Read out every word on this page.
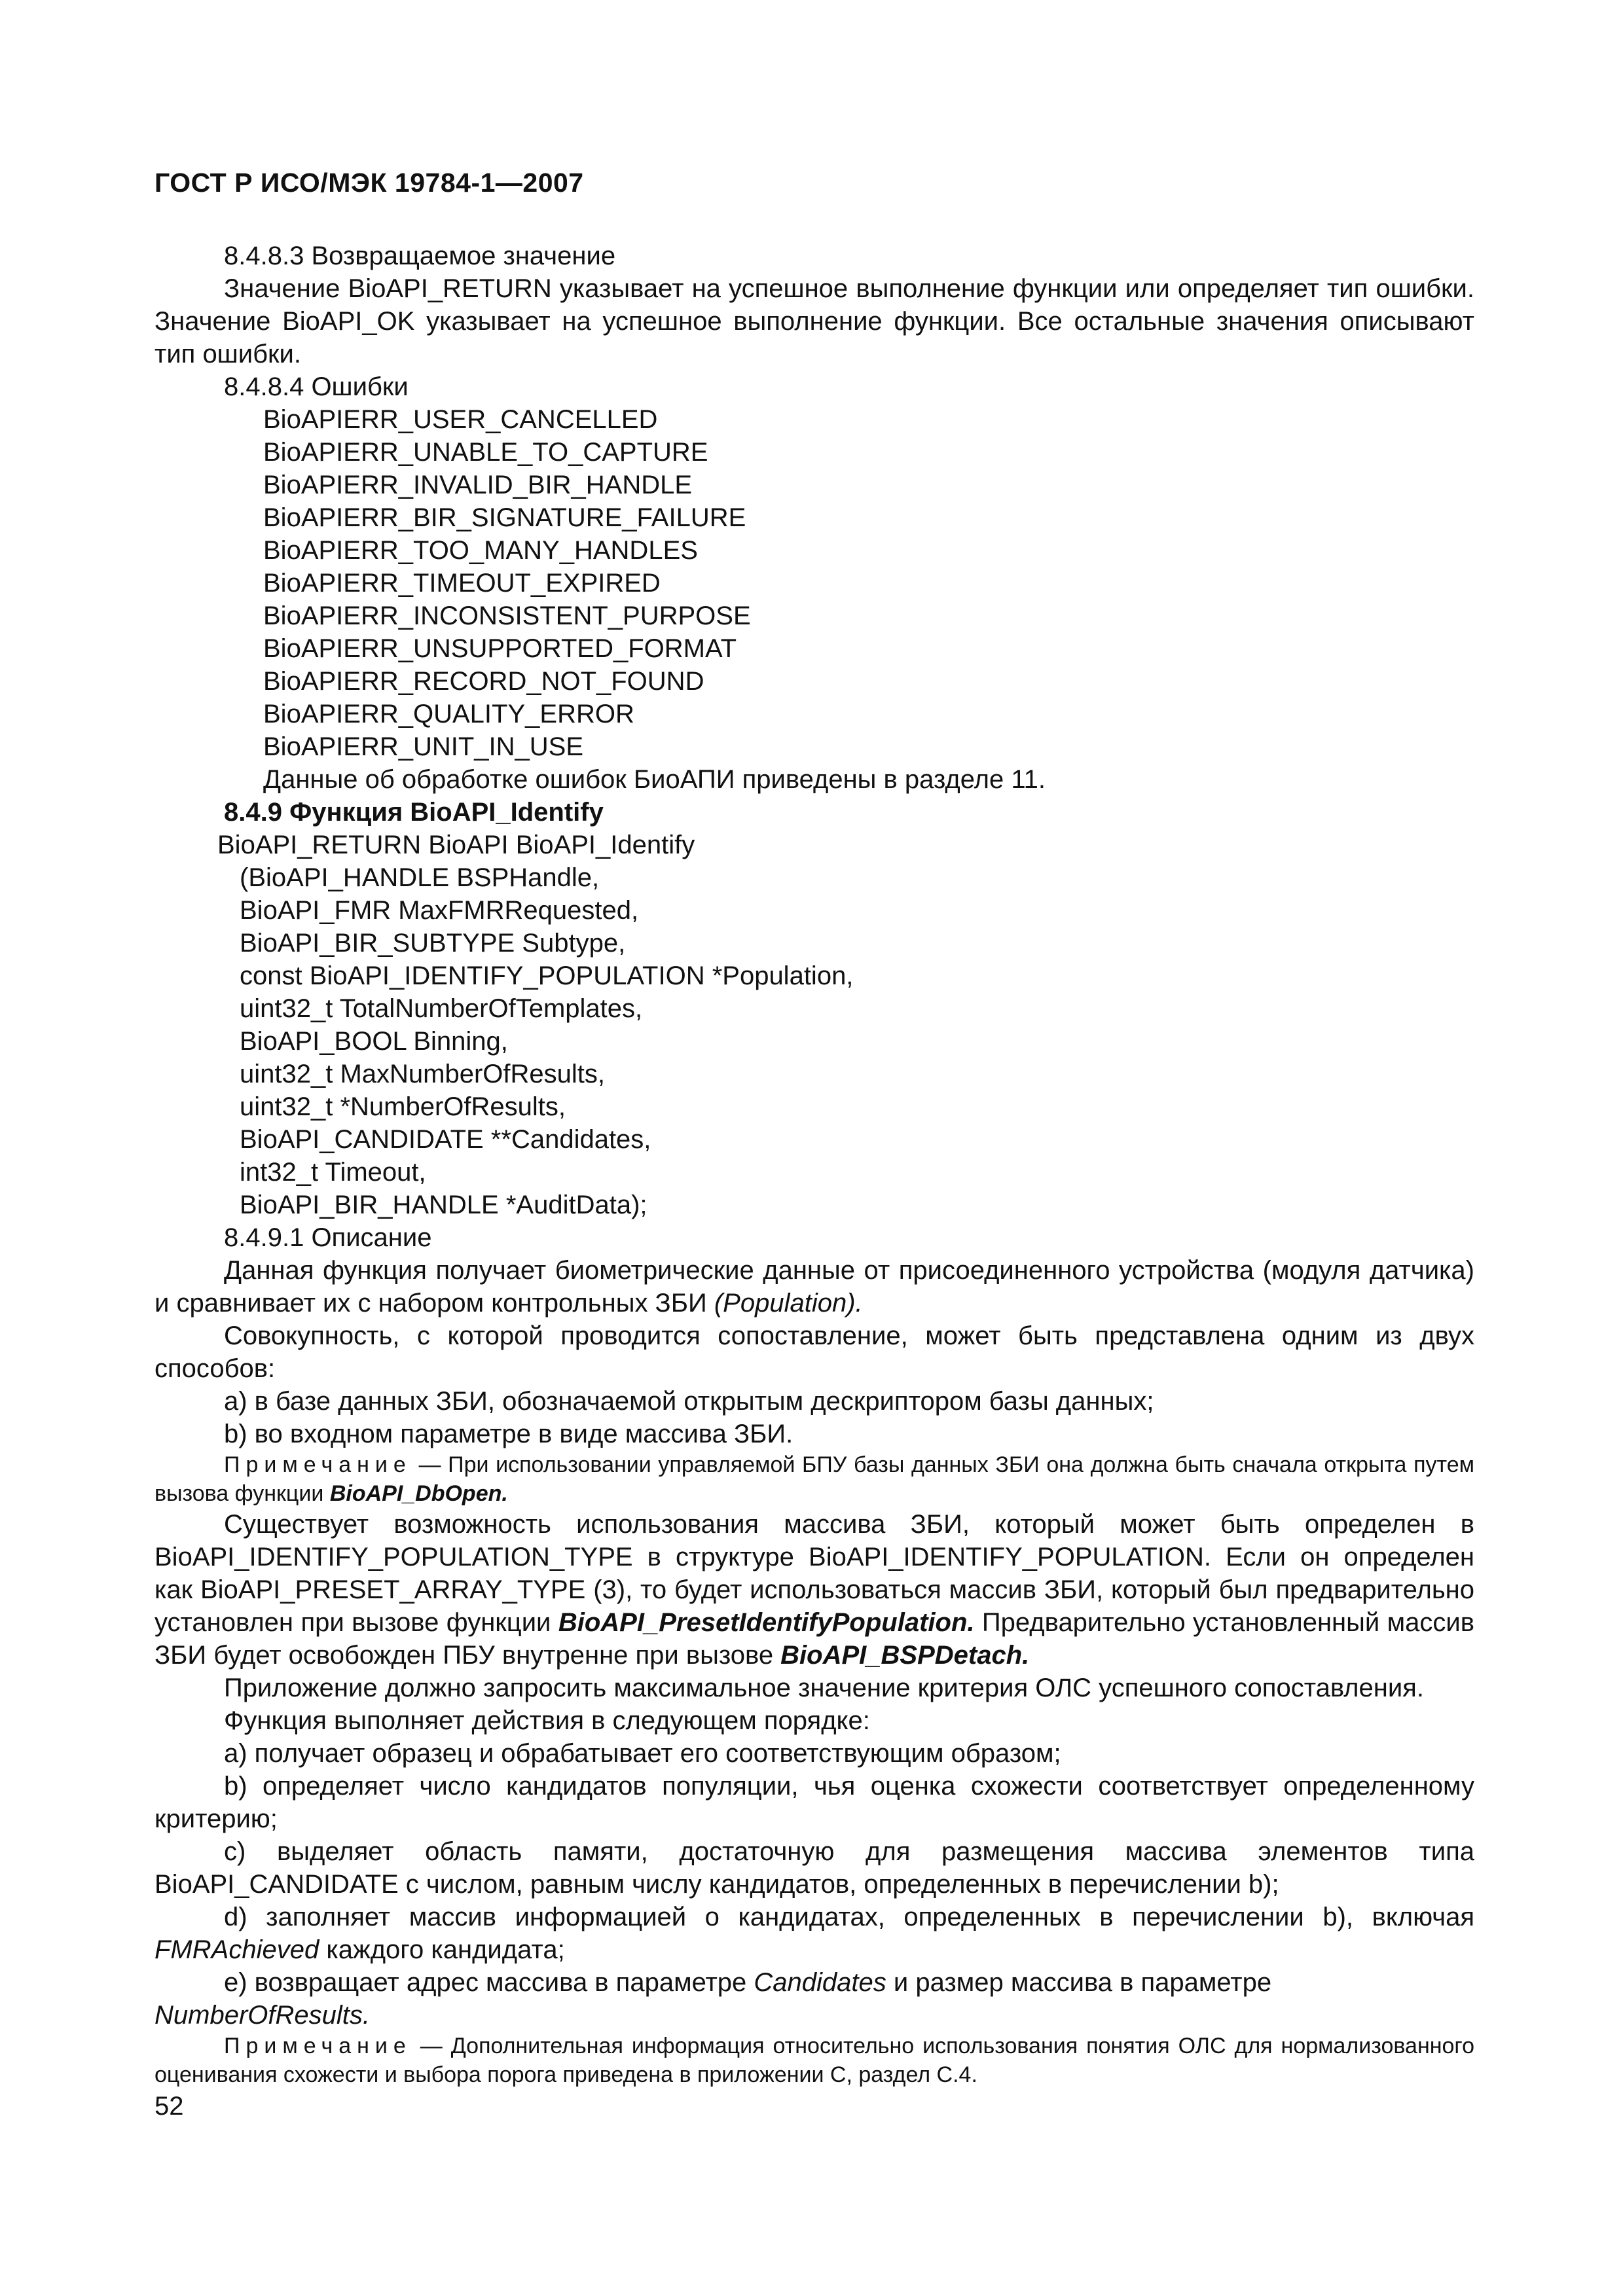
ГОСТ Р ИСО/МЭК 19784-1—2007

8.4.8.3 Возвращаемое значение

Значение BioAPI_RETURN указывает на успешное выполнение функции или определяет тип ошибки. Значение BioAPI_OK указывает на успешное выполнение функции. Все остальные значения описывают тип ошибки.

8.4.8.4 Ошибки

BioAPIERR_USER_CANCELLED

BioAPIERR_UNABLE_TO_CAPTURE

BioAPIERR_INVALID_BIR_HANDLE

BioAPIERR_BIR_SIGNATURE_FAILURE

BioAPIERR_TOO_MANY_HANDLES

BioAPIERR_TIMEOUT_EXPIRED

BioAPIERR_INCONSISTENT_PURPOSE

BioAPIERR_UNSUPPORTED_FORMAT

BioAPIERR_RECORD_NOT_FOUND

BioAPIERR_QUALITY_ERROR

BioAPIERR_UNIT_IN_USE

Данные об обработке ошибок БиоАПИ приведены в разделе 11.

8.4.9 Функция BioAPI_Identify

BioAPI_RETURN BioAPI BioAPI_Identify

(BioAPI_HANDLE BSPHandle,

BioAPI_FMR MaxFMRRequested,

BioAPI_BIR_SUBTYPE Subtype,

const BioAPI_IDENTIFY_POPULATION *Population,

uint32_t TotalNumberOfTemplates,

BioAPI_BOOL Binning,

uint32_t MaxNumberOfResults,

uint32_t *NumberOfResults,

BioAPI_CANDIDATE **Candidates,

int32_t Timeout,

BioAPI_BIR_HANDLE *AuditData);

8.4.9.1 Описание

Данная функция получает биометрические данные от присоединенного устройства (модуля датчика) и сравнивает их с набором контрольных ЗБИ (Population).

Совокупность, с которой проводится сопоставление, может быть представлена одним из двух способов:

а) в базе данных ЗБИ, обозначаемой открытым дескриптором базы данных;

b) во входном параметре в виде массива ЗБИ.

Примечание — При использовании управляемой БПУ базы данных ЗБИ она должна быть сначала открыта путем вызова функции BioAPI_DbOpen.

Существует возможность использования массива ЗБИ, который может быть определен в BioAPI_IDENTIFY_POPULATION_TYPE в структуре BioAPI_IDENTIFY_POPULATION. Если он определен как BioAPI_PRESET_ARRAY_TYPE (3), то будет использоваться массив ЗБИ, который был предварительно установлен при вызове функции BioAPI_PresetIdentifyPopulation. Предварительно установленный массив ЗБИ будет освобожден ПБУ внутренне при вызове BioAPI_BSPDetach.

Приложение должно запросить максимальное значение критерия ОЛС успешного сопоставления.

Функция выполняет действия в следующем порядке:

а) получает образец и обрабатывает его соответствующим образом;

b) определяет число кандидатов популяции, чья оценка схожести соответствует определенному критерию;

c) выделяет область памяти, достаточную для размещения массива элементов типа BioAPI_CANDIDATE с числом, равным числу кандидатов, определенных в перечислении b);

d) заполняет массив информацией о кандидатах, определенных в перечислении b), включая FMRAchieved каждого кандидата;

е) возвращает адрес массива в параметре Candidates и размер массива в параметре NumberOfResults.

Примечание — Дополнительная информация относительно использования понятия ОЛС для нормализованного оценивания схожести и выбора порога приведена в приложении С, раздел С.4.

52
